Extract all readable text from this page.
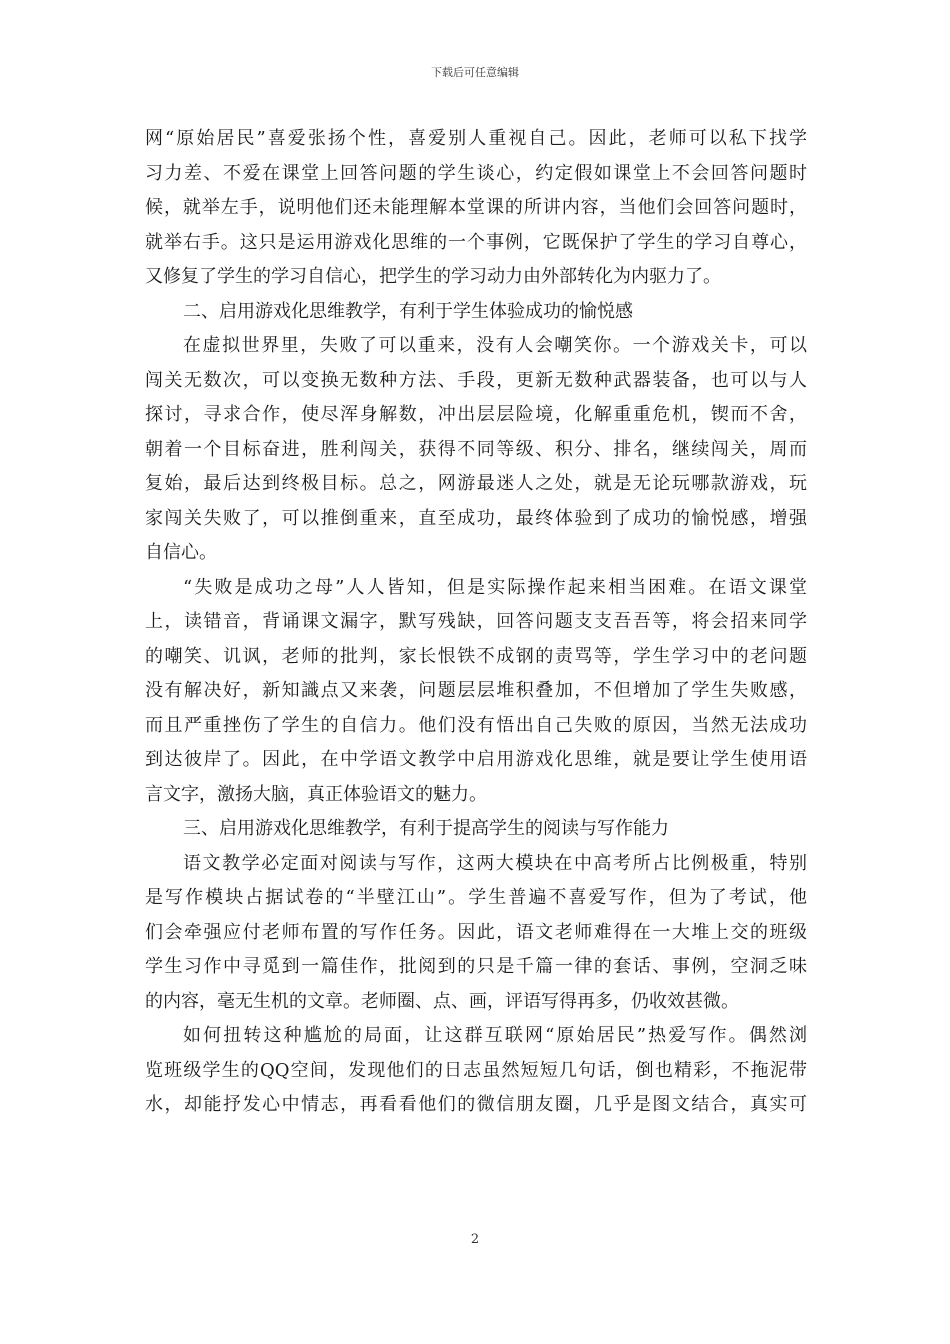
下载后可任意编辑
网“原始居民”喜爱张扬个性，喜爱别人重视自己。因此，老师可以私下找学
习力差、不爱在课堂上回答问题的学生谈心，约定假如课堂上不会回答问题时
候，就举左手，说明他们还未能理解本堂课的所讲内容，当他们会回答问题时，
就举右手。这只是运用游戏化思维的一个事例，它既保护了学生的学习自尊心，
又修复了学生的学习自信心，把学生的学习动力由外部转化为内驱力了。
二、启用游戏化思维教学，有利于学生体验成功的愉悦感
在虚拟世界里，失败了可以重来，没有人会嘲笑你。一个游戏关卡，可以
闯关无数次，可以变换无数种方法、手段，更新无数种武器装备，也可以与人
探讨，寻求合作，使尽浑身解数，冲出层层险境，化解重重危机，锲而不舍，
朝着一个目标奋进，胜利闯关，获得不同等级、积分、排名，继续闯关，周而
复始，最后达到终极目标。总之，网游最迷人之处，就是无论玩哪款游戏，玩
家闯关失败了，可以推倒重来，直至成功，最终体验到了成功的愉悦感，增强
自信心。
“失败是成功之母”人人皆知，但是实际操作起来相当困难。在语文课堂
上，读错音，背诵课文漏字，默写残缺，回答问题支支吾吾等，将会招来同学
的嘲笑、讥讽，老师的批判，家长恨铁不成钢的责骂等，学生学习中的老问题
没有解决好，新知識点又来袭，问题层层堆积叠加，不但增加了学生失败感，
而且严重挫伤了学生的自信力。他们没有悟出自己失败的原因，当然无法成功
到达彼岸了。因此，在中学语文教学中启用游戏化思维，就是要让学生使用语
言文字，激扬大脑，真正体验语文的魅力。
三、启用游戏化思维教学，有利于提高学生的阅读与写作能力
语文教学必定面对阅读与写作，这两大模块在中高考所占比例极重，特别
是写作模块占据试卷的“半壁江山”。学生普遍不喜爱写作，但为了考试，他
们会牵强应付老师布置的写作任务。因此，语文老师难得在一大堆上交的班级
学生习作中寻觅到一篇佳作，批阅到的只是千篇一律的套话、事例，空洞乏味
的内容，毫无生机的文章。老师圈、点、画，评语写得再多，仍收效甚微。
如何扭转这种尴尬的局面，让这群互联网“原始居民”热爱写作。偶然浏
览班级学生的QQ空间，发现他们的日志虽然短短几句话，倒也精彩，不拖泥带
水，却能抒发心中情志，再看看他们的微信朋友圈，几乎是图文结合，真实可
2
